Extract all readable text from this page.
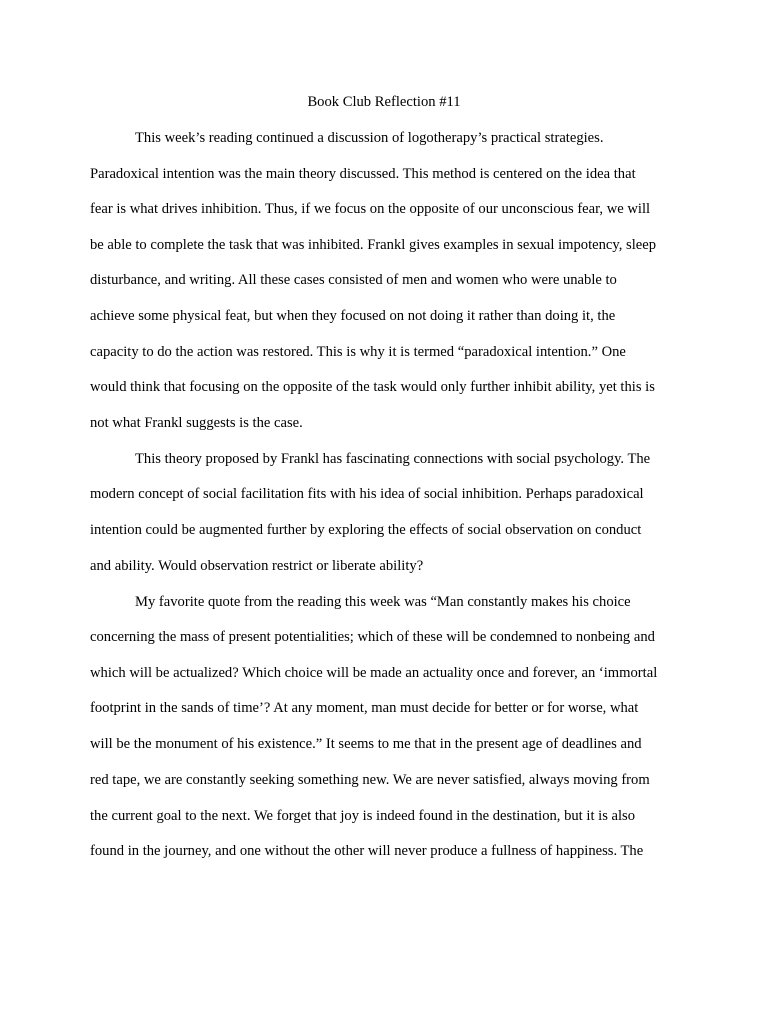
Book Club Reflection #11
This week’s reading continued a discussion of logotherapy’s practical strategies.
Paradoxical intention was the main theory discussed. This method is centered on the idea that
fear is what drives inhibition. Thus, if we focus on the opposite of our unconscious fear, we will
be able to complete the task that was inhibited. Frankl gives examples in sexual impotency, sleep
disturbance, and writing. All these cases consisted of men and women who were unable to
achieve some physical feat, but when they focused on not doing it rather than doing it, the
capacity to do the action was restored. This is why it is termed “paradoxical intention.” One
would think that focusing on the opposite of the task would only further inhibit ability, yet this is
not what Frankl suggests is the case.
This theory proposed by Frankl has fascinating connections with social psychology. The
modern concept of social facilitation fits with his idea of social inhibition. Perhaps paradoxical
intention could be augmented further by exploring the effects of social observation on conduct
and ability. Would observation restrict or liberate ability?
My favorite quote from the reading this week was “Man constantly makes his choice
concerning the mass of present potentialities; which of these will be condemned to nonbeing and
which will be actualized? Which choice will be made an actuality once and forever, an ‘immortal
footprint in the sands of time’? At any moment, man must decide for better or for worse, what
will be the monument of his existence.” It seems to me that in the present age of deadlines and
red tape, we are constantly seeking something new. We are never satisfied, always moving from
the current goal to the next. We forget that joy is indeed found in the destination, but it is also
found in the journey, and one without the other will never produce a fullness of happiness. The
